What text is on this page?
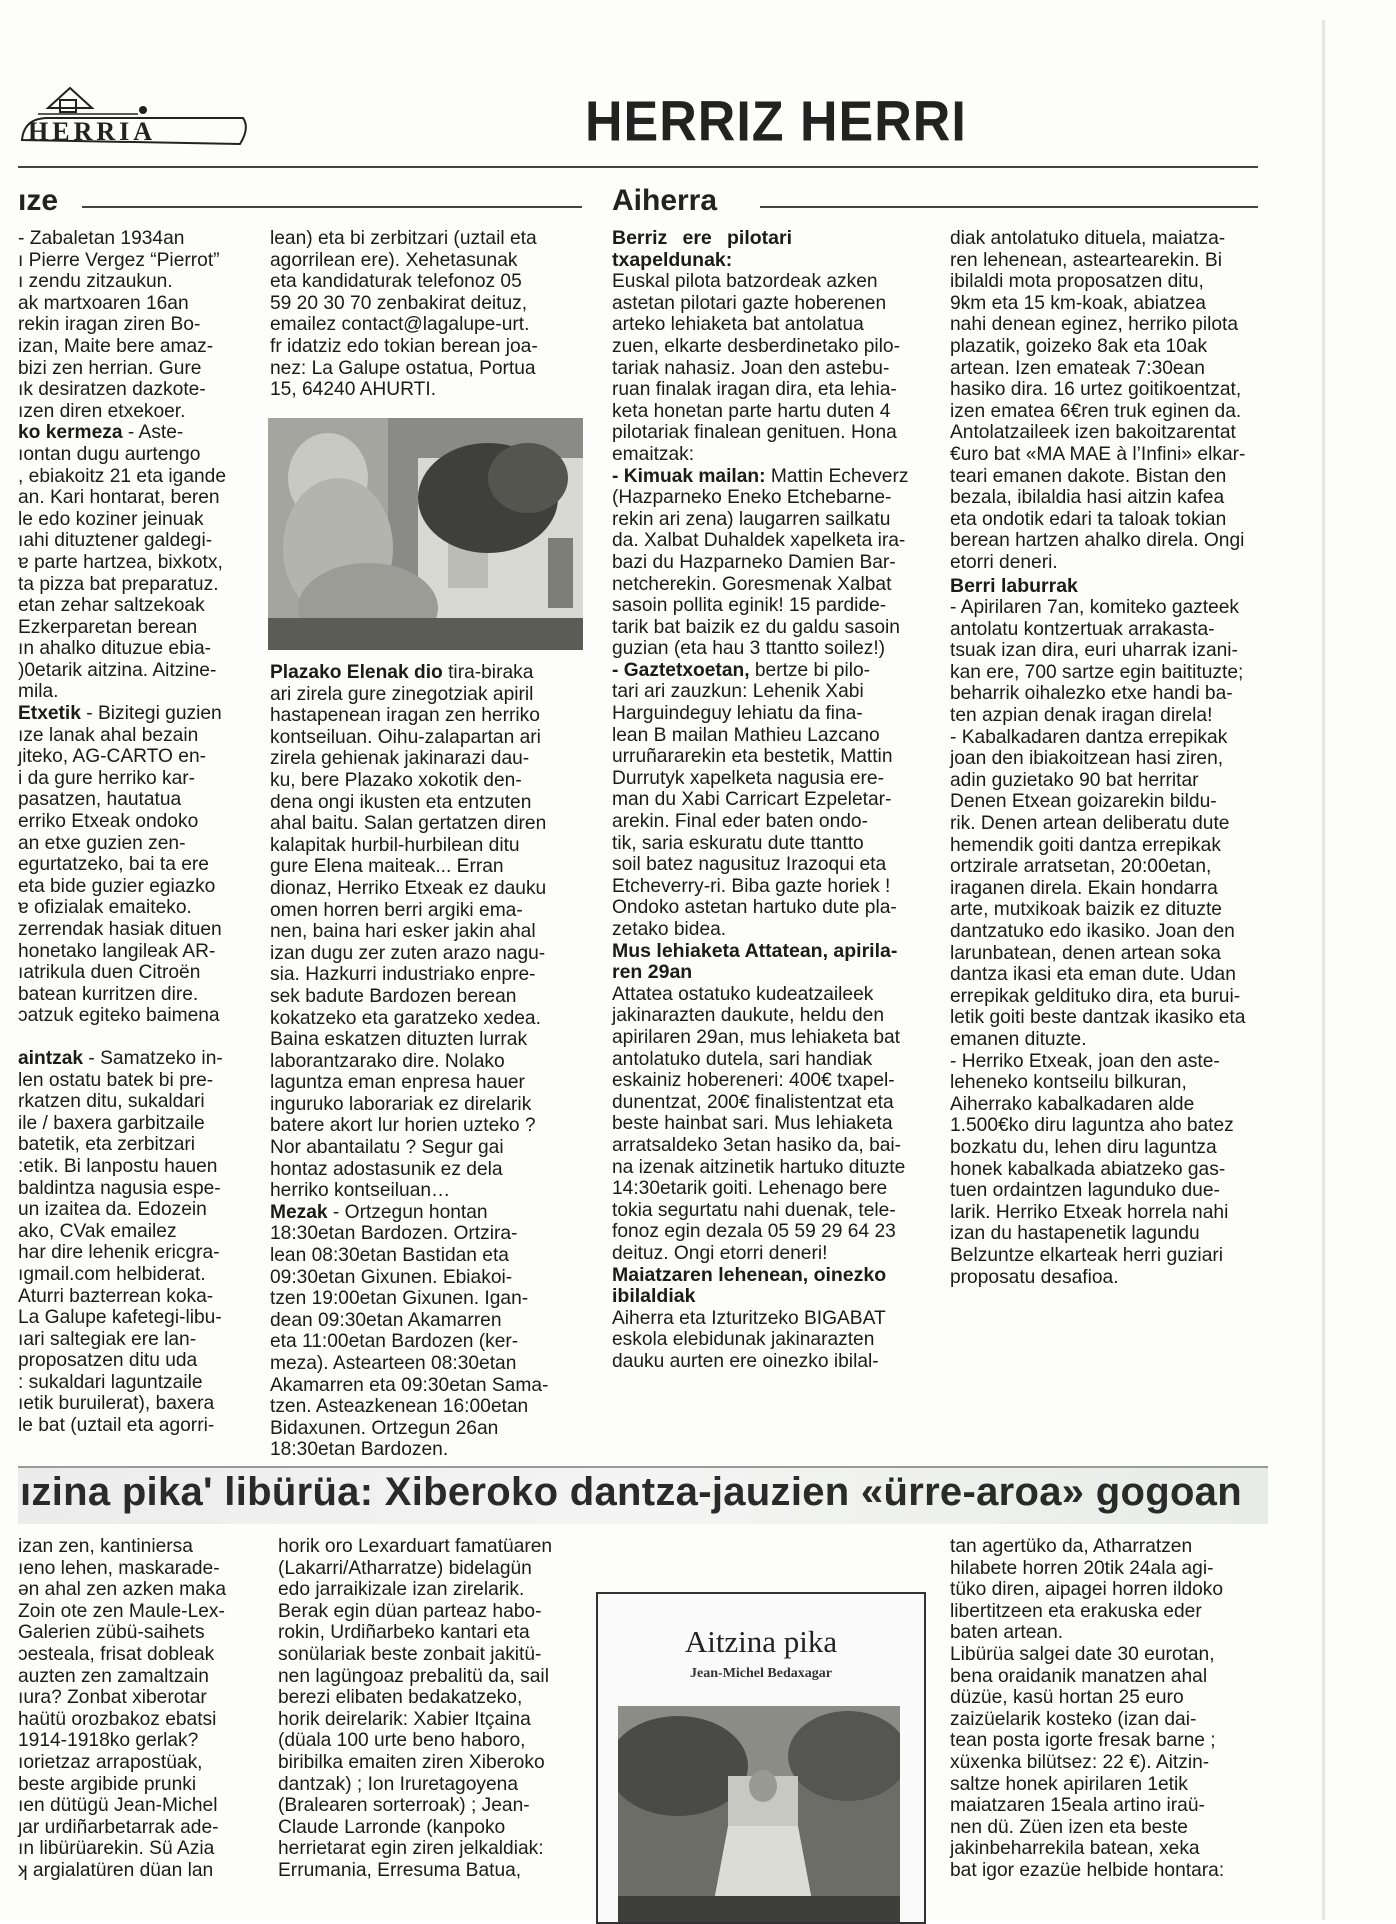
HERRIA	HERRIZ HERRI
ıze	Aiherra

- Zabaletan 1934an

ı Pierre Vergez “Pierrot”

ı zendu zitzaukun.

ak martxoaren 16an

rekin iragan ziren Bo-

izan, Maite bere amaz-

bizi zen herrian. Gure

ık desiratzen dazkote-

ızen diren etxekoer.

ko kermeza - Aste-

ıontan dugu aurtengo

, ebiakoitz 21 eta igande

an. Kari hontarat, beren

le edo koziner jeinuak

ıahi dituztener galdegi-

ɐ parte hartzea, bixkotx,

ta pizza bat preparatuz.

etan zehar saltzekoak

Ezkerparetan berean

ın ahalko dituzue ebia-

)0etarik aitzina. Aitzine-

mila.

Etxetik - Bizitegi guzien

ıze lanak ahal bezain

ȷiteko, AG-CARTO en-

i da gure herriko kar-

pasatzen, hautatua

erriko Etxeak ondoko

an etxe guzien zen-

egurtatzeko, bai ta ere

eta bide guzier egiazko

ɐ ofizialak emaiteko.

zerrendak hasiak dituen

honetako langileak AR-

ıatrikula duen Citroën

batean kurritzen dire.

ɔatzuk egiteko baimena

aintzak - Samatzeko in-

len ostatu batek bi pre-

rkatzen ditu, sukaldari

ile / baxera garbitzaile

batetik, eta zerbitzari

:etik. Bi lanpostu hauen

baldintza nagusia espe-

un izaitea da. Edozein

ako, CVak emailez

har dire lehenik ericgra-

ıgmail.com helbiderat.

Aturri bazterrean koka-

La Galupe kafetegi-libu-

ıari saltegiak ere lan-

proposatzen ditu uda

: sukaldari laguntzaile

ıetik buruilerat), baxera

le bat (uztail eta agorri-

lean) eta bi zerbitzari (uztail eta

agorrilean ere). Xehetasunak

eta kandidaturak telefonoz 05

59 20 30 70 zenbakirat deituz,

emailez contact@lagalupe-urt.

fr idatziz edo tokian berean joa-

nez: La Galupe ostatua, Portua

15, 64240 AHURTI.

Plazako Elenak dio tira-biraka

ari zirela gure zinegotziak apiril

hastapenean iragan zen herriko

kontseiluan. Oihu-zalapartan ari

zirela gehienak jakinarazi dau-

ku, bere Plazako xokotik den-

dena ongi ikusten eta entzuten

ahal baitu. Salan gertatzen diren

kalapitak hurbil-hurbilean ditu

gure Elena maiteak... Erran

dionaz, Herriko Etxeak ez dauku

omen horren berri argiki ema-

nen, baina hari esker jakin ahal

izan dugu zer zuten arazo nagu-

sia. Hazkurri industriako enpre-

sek badute Bardozen berean

kokatzeko eta garatzeko xedea.

Baina eskatzen dituzten lurrak

laborantzarako dire. Nolako

laguntza eman enpresa hauer

inguruko laborariak ez direlarik

batere akort lur horien uzteko ?

Nor abantailatu ? Segur gai

hontaz adostasunik ez dela

herriko kontseiluan…

Mezak - Ortzegun hontan

18:30etan Bardozen. Ortzira-

lean 08:30etan Bastidan eta

09:30etan Gixunen. Ebiakoi-

tzen 19:00etan Gixunen. Igan-

dean 09:30etan Akamarren

eta 11:00etan Bardozen (ker-

meza). Astearteen 08:30etan

Akamarren eta 09:30etan Sama-

tzen. Asteazkenean 16:00etan

Bidaxunen. Ortzegun 26an

18:30etan Bardozen.

Berriz ere pilotari txapeldunak:

Euskal pilota batzordeak azken

astetan pilotari gazte hoberenen

arteko lehiaketa bat antolatua

zuen, elkarte desberdinetako pilo-

tariak nahasiz. Joan den astebu-

ruan finalak iragan dira, eta lehia-

keta honetan parte hartu duten 4

pilotariak finalean genituen. Hona

emaitzak:

- Kimuak mailan: Mattin Echeverz

(Hazparneko Eneko Etchebarne-

rekin ari zena) laugarren sailkatu

da. Xalbat Duhaldek xapelketa ira-

bazi du Hazparneko Damien Bar-

netcherekin. Goresmenak Xalbat

sasoin pollita eginik! 15 pardide-

tarik bat baizik ez du galdu sasoin

guzian (eta hau 3 ttantto soilez!)

- Gaztetxoetan, bertze bi pilo-

tari ari zauzkun: Lehenik Xabi

Harguindeguy lehiatu da fina-

lean B mailan Mathieu Lazcano

urruñararekin eta bestetik, Mattin

Durrutyk xapelketa nagusia ere-

man du Xabi Carricart Ezpeletar-

arekin. Final eder baten ondo-

tik, saria eskuratu dute ttantto

soil batez nagusituz Irazoqui eta

Etcheverry-ri. Biba gazte horiek !

Ondoko astetan hartuko dute pla-

zetako bidea.

Mus lehiaketa Attatean, apirila-ren 29an

Attatea ostatuko kudeatzaileek

jakinarazten daukute, heldu den

apirilaren 29an, mus lehiaketa bat

antolatuko dutela, sari handiak

eskainiz hobereneri: 400€ txapel-

dunentzat, 200€ finalistentzat eta

beste hainbat sari. Mus lehiaketa

arratsaldeko 3etan hasiko da, bai-

na izenak aitzinetik hartuko dituzte

14:30etarik goiti. Lehenago bere

tokia segurtatu nahi duenak, tele-

fonoz egin dezala 05 59 29 64 23

deituz. Ongi etorri deneri!

Maiatzaren lehenean, oinezko ibilaldiak

Aiherra eta Izturitzeko BIGABAT

eskola elebidunak jakinarazten

dauku aurten ere oinezko ibilal-

diak antolatuko dituela, maiatza-

ren lehenean, asteartearekin. Bi

ibilaldi mota proposatzen ditu,

9km eta 15 km-koak, abiatzea

nahi denean eginez, herriko pilota

plazatik, goizeko 8ak eta 10ak

artean. Izen emateak 7:30ean

hasiko dira. 16 urtez goitikoentzat,

izen ematea 6€ren truk eginen da.

Antolatzaileek izen bakoitzarentat

€uro bat «MA MAE à l’Infini» elkar-

teari emanen dakote. Bistan den

bezala, ibilaldia hasi aitzin kafea

eta ondotik edari ta taloak tokian

berean hartzen ahalko direla. Ongi

etorri deneri.

Berri laburrak

- Apirilaren 7an, komiteko gazteek

antolatu kontzertuak arrakasta-

tsuak izan dira, euri uharrak izani-

kan ere, 700 sartze egin baitituzte;

beharrik oihalezko etxe handi ba-

ten azpian denak iragan direla!

- Kabalkadaren dantza errepikak

joan den ibiakoitzean hasi ziren,

adin guzietako 90 bat herritar

Denen Etxean goizarekin bildu-

rik. Denen artean deliberatu dute

hemendik goiti dantza errepikak

ortzirale arratsetan, 20:00etan,

iraganen direla. Ekain hondarra

arte, mutxikoak baizik ez dituzte

dantzatuko edo ikasiko. Joan den

larunbatean, denen artean soka

dantza ikasi eta eman dute. Udan

errepikak gelditukо dira, eta burui-

letik goiti beste dantzak ikasiko eta

emanen dituzte.

- Herriko Etxeak, joan den aste-

leheneko kontseilu bilkuran,

Aiherrako kabalkadaren alde

1.500€ko diru laguntza aho batez

bozkatu du, lehen diru laguntza

honek kabalkada abiatzeko gas-

tuen ordaintzen lagunduko due-

larik. Herriko Etxeak horrela nahi

izan du hastapenetik lagundu

Belzuntze elkarteak herri guziari

proposatu desafioa.

ızina pika' libürüa: Xiberoko dantza-jauzien «ürre-aroa» gogoan

izan zen, kantiniersa

ıeno lehen, maskarade-

ən ahal zen azken maka

Zoin ote zen Maule-Lex-

Galerien zübü-saihets

ɔesteala, frisat dobleak

auzten zen zamaltzain

ıura? Zonbat xiberotar

haütü orozbakoz ebatsi

1914-1918ko gerlak?

ıorietzaz arrapostüak,

beste argibide prunki

ıen dütügü Jean-Michel

ȷar urdiñarbetarrak ade-

ın libürüarekin. Sü Azia

ʞ argialatüren düan lan

horik oro Lexarduart famatüaren

(Lakarri/Atharratze) bidelagün

edo jarraikizale izan zirelarik.

Berak egin düan parteaz habo-

rokin, Urdiñarbeko kantari eta

sonülariak beste zonbait jakitü-

nen lagüngoaz prebalitü da, sail

berezi elibaten bedakatzeko,

horik deirelarik: Xabier Itçaina

(düala 100 urte beno haboro,

biribilka emaiten ziren Xiberoko

dantzak) ; Ion Iruretagoyena

(Bralearen sorterroak) ; Jean-

Claude Larronde (kanpoko

herrietarat egin ziren jelkaldiak:

Errumania, Erresuma Batua,

Aitzina pika
Jean-Michel Bedaxagar

tan agertüko da, Atharratzen

hilabete horren 20tik 24ala agi-

tüko diren, aipagei horren ildoko

libertitzeen eta erakuska eder

baten artean.

Libürüa salgei date 30 eurotan,

bena oraidanik manatzen ahal

düzüe, kasü hortan 25 euro

zaizüelarik kosteko (izan dai-

tean posta igorte fresak barne ;

xüxenka bilütsez: 22 €). Aitzin-

saltze honek apirilaren 1etik

maiatzaren 15eala artino iraü-

nen dü. Züen izen eta beste

jakinbeharrekila batean, xeka

bat igor ezazüe helbide hontara:
